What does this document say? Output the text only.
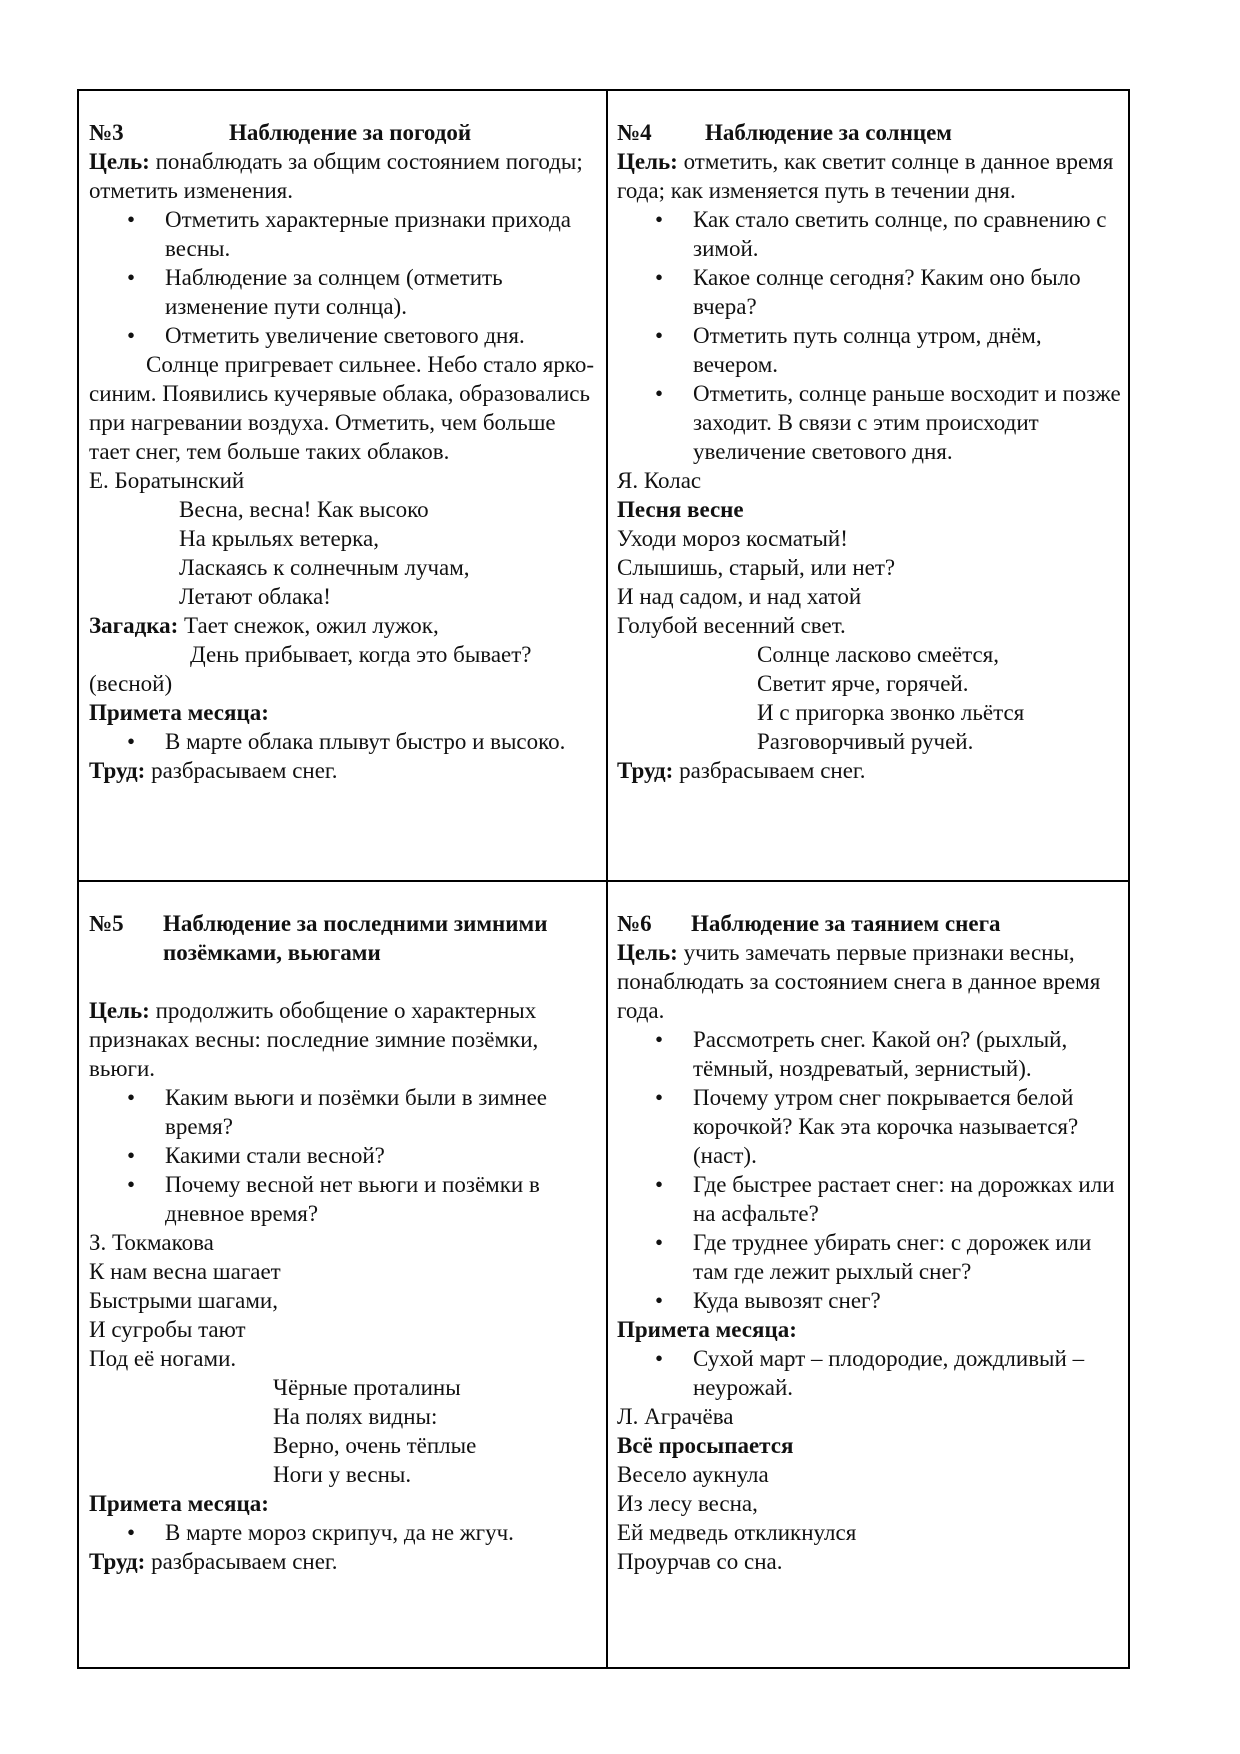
№3	Наблюдение за погодой

Цель: понаблюдать за общим состоянием погоды; отметить изменения.

• Отметить характерные признаки прихода весны.
• Наблюдение за солнцем (отметить изменение пути солнца).
• Отметить увеличение светового дня.

Солнце пригревает сильнее. Небо стало ярко-синим. Появились кучерявые облака, образовались при нагревании воздуха. Отметить, чем больше тает снег, тем больше таких облаков.

Е. Боратынский

Весна, весна! Как высоко

На крыльях ветерка,

Ласкаясь к солнечным лучам,

Летают облака!

Загадка: Тает снежок, ожил лужок,

День прибывает, когда это бывает?

(весной)

Примета месяца:

• В марте облака плывут быстро и высоко.

Труд: разбрасываем снег.

№4	Наблюдение за солнцем

Цель: отметить, как светит солнце в данное время года; как изменяется путь в течении дня.

• Как стало светить солнце, по сравнению с зимой.
• Какое солнце сегодня? Каким оно было вчера?
• Отметить путь солнца утром, днём, вечером.
• Отметить, солнце раньше восходит и позже заходит. В связи с этим происходит увеличение светового дня.

Я. Колас

Песня весне

Уходи мороз косматый!

Слышишь, старый, или нет?

И над садом, и над хатой

Голубой весенний свет.

Солнце ласково смеётся,

Светит ярче, горячей.

И с пригорка звонко льётся

Разговорчивый ручей.

Труд: разбрасываем снег.

№5	Наблюдение за последними зимними позёмками, вьюгами

Цель: продолжить обобщение о характерных признаках весны: последние зимние позёмки, вьюги.

• Каким вьюги и позёмки были в зимнее время?
• Какими стали весной?
• Почему весной нет вьюги и позёмки в дневное время?

З. Токмакова

К нам весна шагает

Быстрыми шагами,

И сугробы тают

Под её ногами.

Чёрные проталины

На полях видны:

Верно, очень тёплые

Ноги у весны.

Примета месяца:

• В марте мороз скрипуч, да не жгуч.

Труд: разбрасываем снег.

№6	Наблюдение за таянием снега

Цель: учить замечать первые признаки весны, понаблюдать за состоянием снега в данное время года.

• Рассмотреть снег. Какой он? (рыхлый, тёмный, ноздреватый, зернистый).
• Почему утром снег покрывается белой корочкой? Как эта корочка называется? (наст).
• Где быстрее растает снег: на дорожках или на асфальте?
• Где труднее убирать снег: с дорожек или там где лежит рыхлый снег?
• Куда вывозят снег?

Примета месяца:

• Сухой март – плодородие, дождливый – неурожай.

Л. Аграчёва

Всё просыпается

Весело аукнула

Из лесу весна,

Ей медведь откликнулся

Проурчав со сна.
